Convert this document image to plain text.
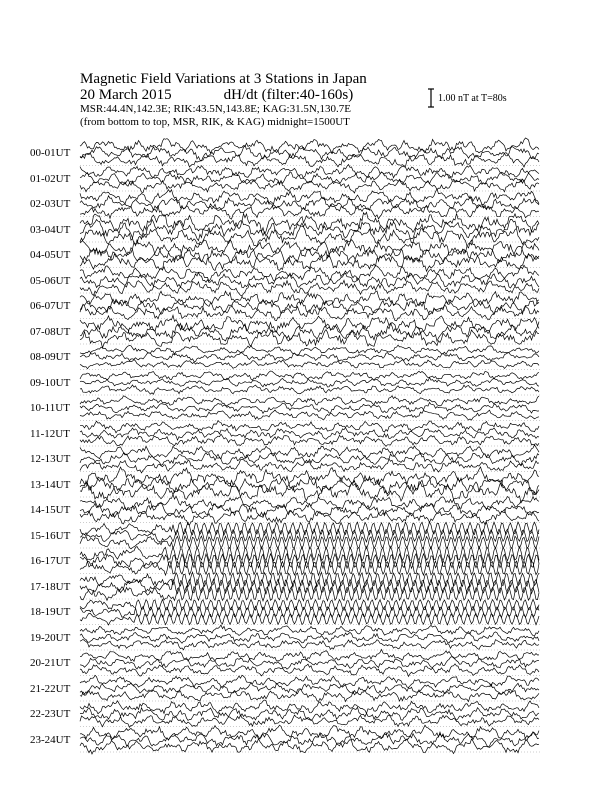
Magnetic Field Variations at 3 Stations in Japan
20 March 2015	dH/dt (filter:40-160s)
MSR:44.4N,142.3E; RIK:43.5N,143.8E; KAG:31.5N,130.7E
(from bottom to top, MSR, RIK, & KAG) midnight=1500UT
1.00 nT at T=80s
00-01UT
01-02UT
02-03UT
03-04UT
04-05UT
05-06UT
06-07UT
07-08UT
08-09UT
09-10UT
10-11UT
11-12UT
12-13UT
13-14UT
14-15UT
15-16UT
16-17UT
17-18UT
18-19UT
19-20UT
20-21UT
21-22UT
22-23UT
23-24UT
